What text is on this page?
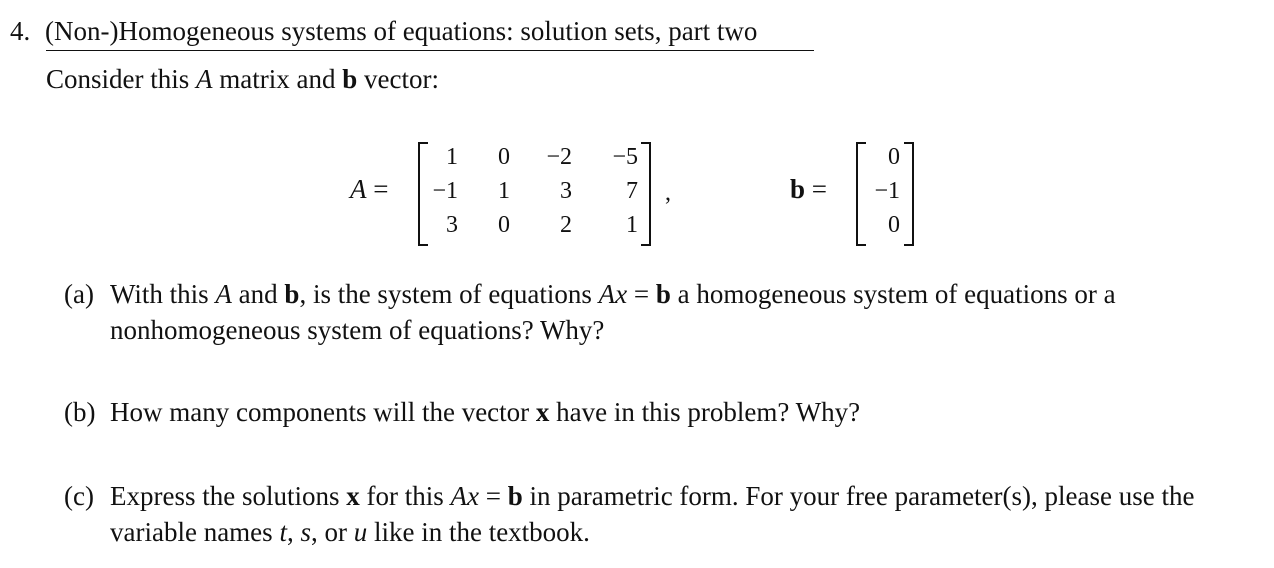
4. (Non-)Homogeneous systems of equations: solution sets, part two
Consider this A matrix and b vector:
A =
1	0	−2	−5
−1	1	3	7
3	0	2	1
,	b =
0
−1
0
(a) With this A and b, is the system of equations Ax = b a homogeneous system of equations or a nonhomogeneous system of equations? Why?
(b) How many components will the vector x have in this problem? Why?
(c) Express the solutions x for this Ax = b in parametric form. For your free parameter(s), please use the variable names t, s, or u like in the textbook.
